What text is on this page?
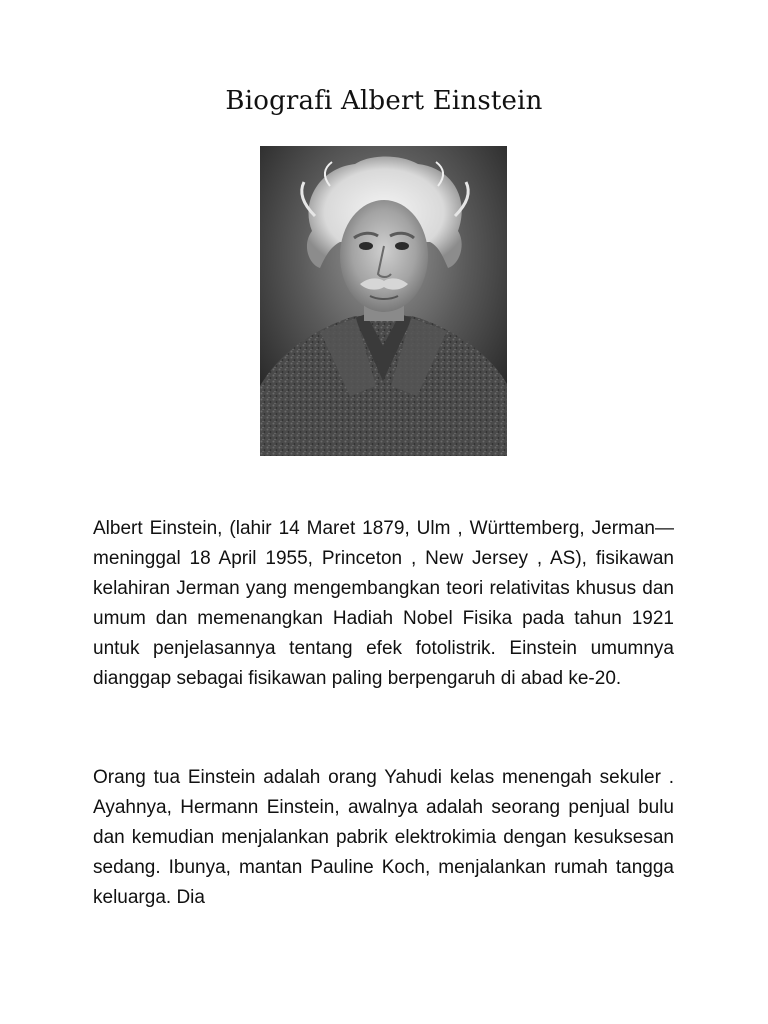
Biografi Albert Einstein

Albert Einstein, (lahir 14 Maret 1879, Ulm , Württemberg, Jerman—meninggal 18 April 1955, Princeton , New Jersey , AS), fisikawan kelahiran Jerman yang mengembangkan teori relativitas khusus dan umum dan memenangkan Hadiah Nobel Fisika pada tahun 1921 untuk penjelasannya tentang efek fotolistrik. Einstein umumnya dianggap sebagai fisikawan paling berpengaruh di abad ke-20.

Orang tua Einstein adalah orang Yahudi kelas menengah sekuler . Ayahnya, Hermann Einstein, awalnya adalah seorang penjual bulu dan kemudian menjalankan pabrik elektrokimia dengan kesuksesan sedang. Ibunya, mantan Pauline Koch, menjalankan rumah tangga keluarga. Dia
